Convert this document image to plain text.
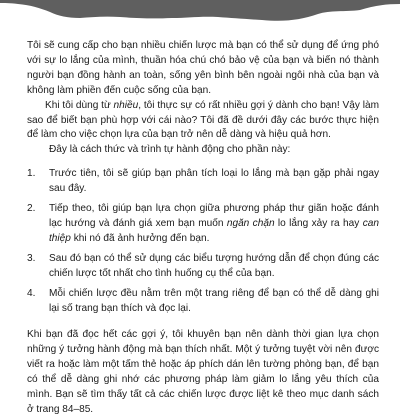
Tôi sẽ cung cấp cho bạn nhiều chiến lược mà bạn có thể sử dụng để ứng phó với sự lo lắng của mình, thuần hóa chú chó bảo vệ của bạn và biến nó thành người bạn đồng hành an toàn, sống yên bình bên ngoài ngôi nhà của bạn và không làm phiền đến cuộc sống của bạn.

Khi tôi dùng từ nhiều, tôi thực sự có rất nhiều gợi ý dành cho bạn! Vậy làm sao để biết bạn phù hợp với cái nào? Tôi đã đề dưới đây các bước thực hiện để làm cho việc chọn lựa của bạn trở nên dễ dàng và hiệu quả hơn.

Đây là cách thức và trình tự hành động cho phần này:

1. Trước tiên, tôi sẽ giúp bạn phân tích loại lo lắng mà bạn gặp phải ngay sau đây.

2. Tiếp theo, tôi giúp bạn lựa chọn giữa phương pháp thư giãn hoặc đánh lạc hướng và đánh giá xem bạn muốn ngăn chặn lo lắng xảy ra hay can thiệp khi nó đã ảnh hưởng đến bạn.

3. Sau đó bạn có thể sử dụng các biểu tượng hướng dẫn để chọn đúng các chiến lược tốt nhất cho tình huống cụ thể của bạn.

4. Mỗi chiến lược đều nằm trên một trang riêng để bạn có thể dễ dàng ghi lại số trang bạn thích và đọc lại.

Khi bạn đã đọc hết các gợi ý, tôi khuyên bạn nên dành thời gian lựa chọn những ý tưởng hành động mà bạn thích nhất. Một ý tưởng tuyệt vời nên được viết ra hoặc làm một tấm thẻ hoặc áp phích dán lên tường phòng bạn, để bạn có thể dễ dàng ghi nhớ các phương pháp làm giảm lo lắng yêu thích của mình. Bạn sẽ tìm thấy tất cả các chiến lược được liệt kê theo mục danh sách ở trang 84–85.
